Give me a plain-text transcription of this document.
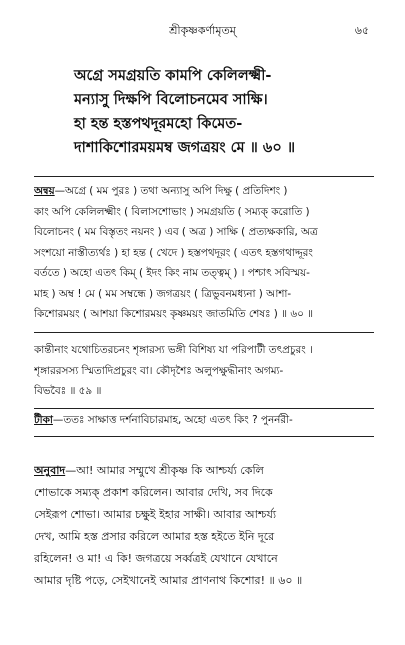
শ্রীকৃষ্ণকর্ণামৃতম্‌	৬৫
অগ্রে সমগ্রয়তি কামপি কেলিলক্ষ্মী-
মন্যাসু দিক্ষপি বিলোচনমেব সাক্ষি।
হা হন্ত হস্তপথদূরমহো কিমেত-
দাশাকিশোরময়মম্ব জগত্রয়ং মে ॥ ৬০ ॥
অন্বয়—অগ্রে ( মম পুরঃ ) তথা অন্যাসু অপি দিক্ষু ( প্রতিদিশং )
কাং অপি কেলিলক্ষ্মীং ( বিলাসশোভাং ) সমগ্রয়তি ( সম্যক্‌ করোতি )
বিলোচনং ( মম বিস্তৃতং নয়নং ) এব ( অত্র ) সাক্ষি ( প্রত্যক্ষকারি, অত্র
সংশয়ো নাস্তীত্যর্থঃ ) হা হন্ত ( খেদে ) হস্তপথদূরং ( এতৎ হস্তগথাদ্দূরং
বর্ততে ) অহো এতৎ কিম্‌ ( ইদং কিং নাম তত্ত্বম্‌ ) । পশ্চাৎ সবিস্ময়-
মাহ ) অম্ব ! মে ( মম সম্বন্ধে ) জগত্রয়ং ( ত্রিভুবনমধ্যনা ) আশা-
কিশোরময়ং ( আশয়া কিশোরময়ং কৃষ্ণময়ং জাতমিতি শেষঃ ) ॥ ৬০ ॥
কান্তীনাং যথোচিতরচনং শৃঙ্গারস্য ভঙ্গী বিশিষ্য যা পরিপাটী তৎপ্রচুরং ।
শৃঙ্গাররসস্য স্মিতাদিপ্রচুরং বা। কৌদৃশৈঃ অলুপক্ষুদ্ধীনাং অগম্য-
বিভবৈঃ ॥ ৫৯ ॥
টীকা—ততঃ সাক্ষাত্ত দর্শনাবিচারমাহ, অহো এতৎ কিং ? পুনর্নরী-
অনুবাদ—আ! আমার সম্মুখে শ্রীকৃষ্ণ কি আশ্চর্য্য কেলি
শোভাকে সম্যক্‌ প্রকাশ করিলেন। আবার দেখি, সব দিকে
সেইরূপ শোভা। আমার চক্ষুই ইহার সাক্ষী। আবার আশ্চর্য্য
দেখ, আমি হস্ত প্রসার করিলে আমার হস্ত হইতে ইনি দূরে
রহিলেন! ও মা! এ কি! জগত্রয়ে সর্ব্বত্রই যেখানে যেখানে
আমার দৃষ্টি পড়ে, সেইখানেই আমার প্রাণনাথ কিশোর! ॥ ৬০ ॥
